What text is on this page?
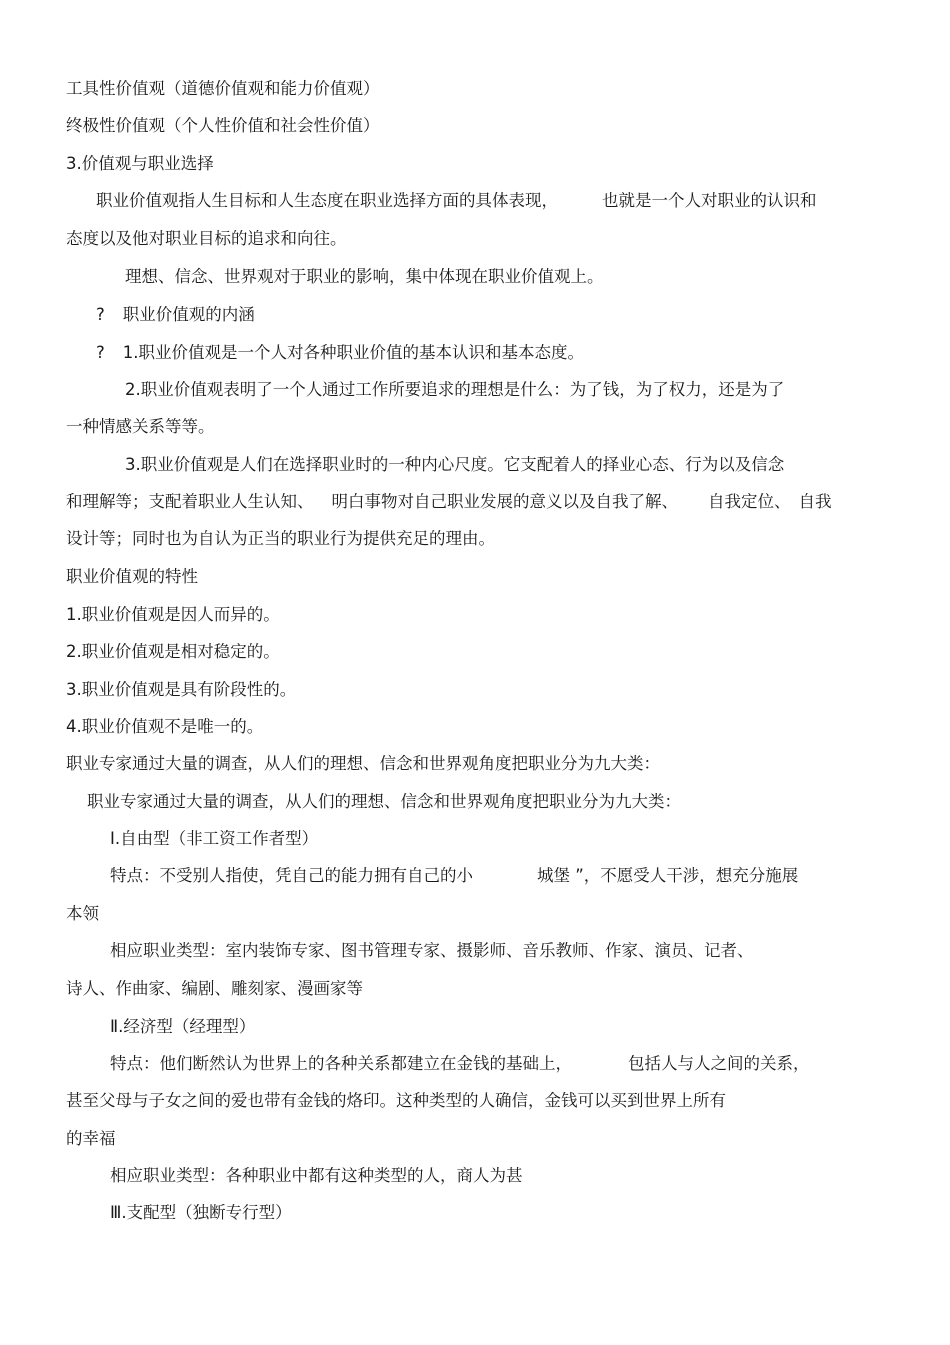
工具性价值观（道德价值观和能力价值观）

终极性价值观（个人性价值和社会性价值）

3.价值观与职业选择

职业价值观指人生目标和人生态度在职业选择方面的具体表现，	也就是一个人对职业的认识和

态度以及他对职业目标的追求和向往。

理想、信念、世界观对于职业的影响，集中体现在职业价值观上。

? 职业价值观的内涵

? 1.职业价值观是一个人对各种职业价值的基本认识和基本态度。

2.职业价值观表明了一个人通过工作所要追求的理想是什么：为了钱，为了权力，还是为了

一种情感关系等等。

3.职业价值观是人们在选择职业时的一种内心尺度。它支配着人的择业心态、行为以及信念

和理解等；支配着职业人生认知、 明白事物对自己职业发展的意义以及自我了解、 自我定位、 自我

设计等；同时也为自认为正当的职业行为提供充足的理由。

职业价值观的特性

1.职业价值观是因人而异的。

2.职业价值观是相对稳定的。

3.职业价值观是具有阶段性的。

4.职业价值观不是唯一的。

职业专家通过大量的调查，从人们的理想、信念和世界观角度把职业分为九大类：

职业专家通过大量的调查，从人们的理想、信念和世界观角度把职业分为九大类：

Ⅰ.自由型（非工资工作者型）

特点：不受别人指使，凭自己的能力拥有自己的小	城堡 ”，不愿受人干涉，想充分施展

本领

相应职业类型：室内装饰专家、图书管理专家、摄影师、音乐教师、作家、演员、记者、

诗人、作曲家、编剧、雕刻家、漫画家等

Ⅱ.经济型（经理型）

特点：他们断然认为世界上的各种关系都建立在金钱的基础上，	包括人与人之间的关系，

甚至父母与子女之间的爱也带有金钱的烙印。这种类型的人确信，金钱可以买到世界上所有

的幸福

相应职业类型：各种职业中都有这种类型的人，商人为甚

Ⅲ.支配型（独断专行型）
